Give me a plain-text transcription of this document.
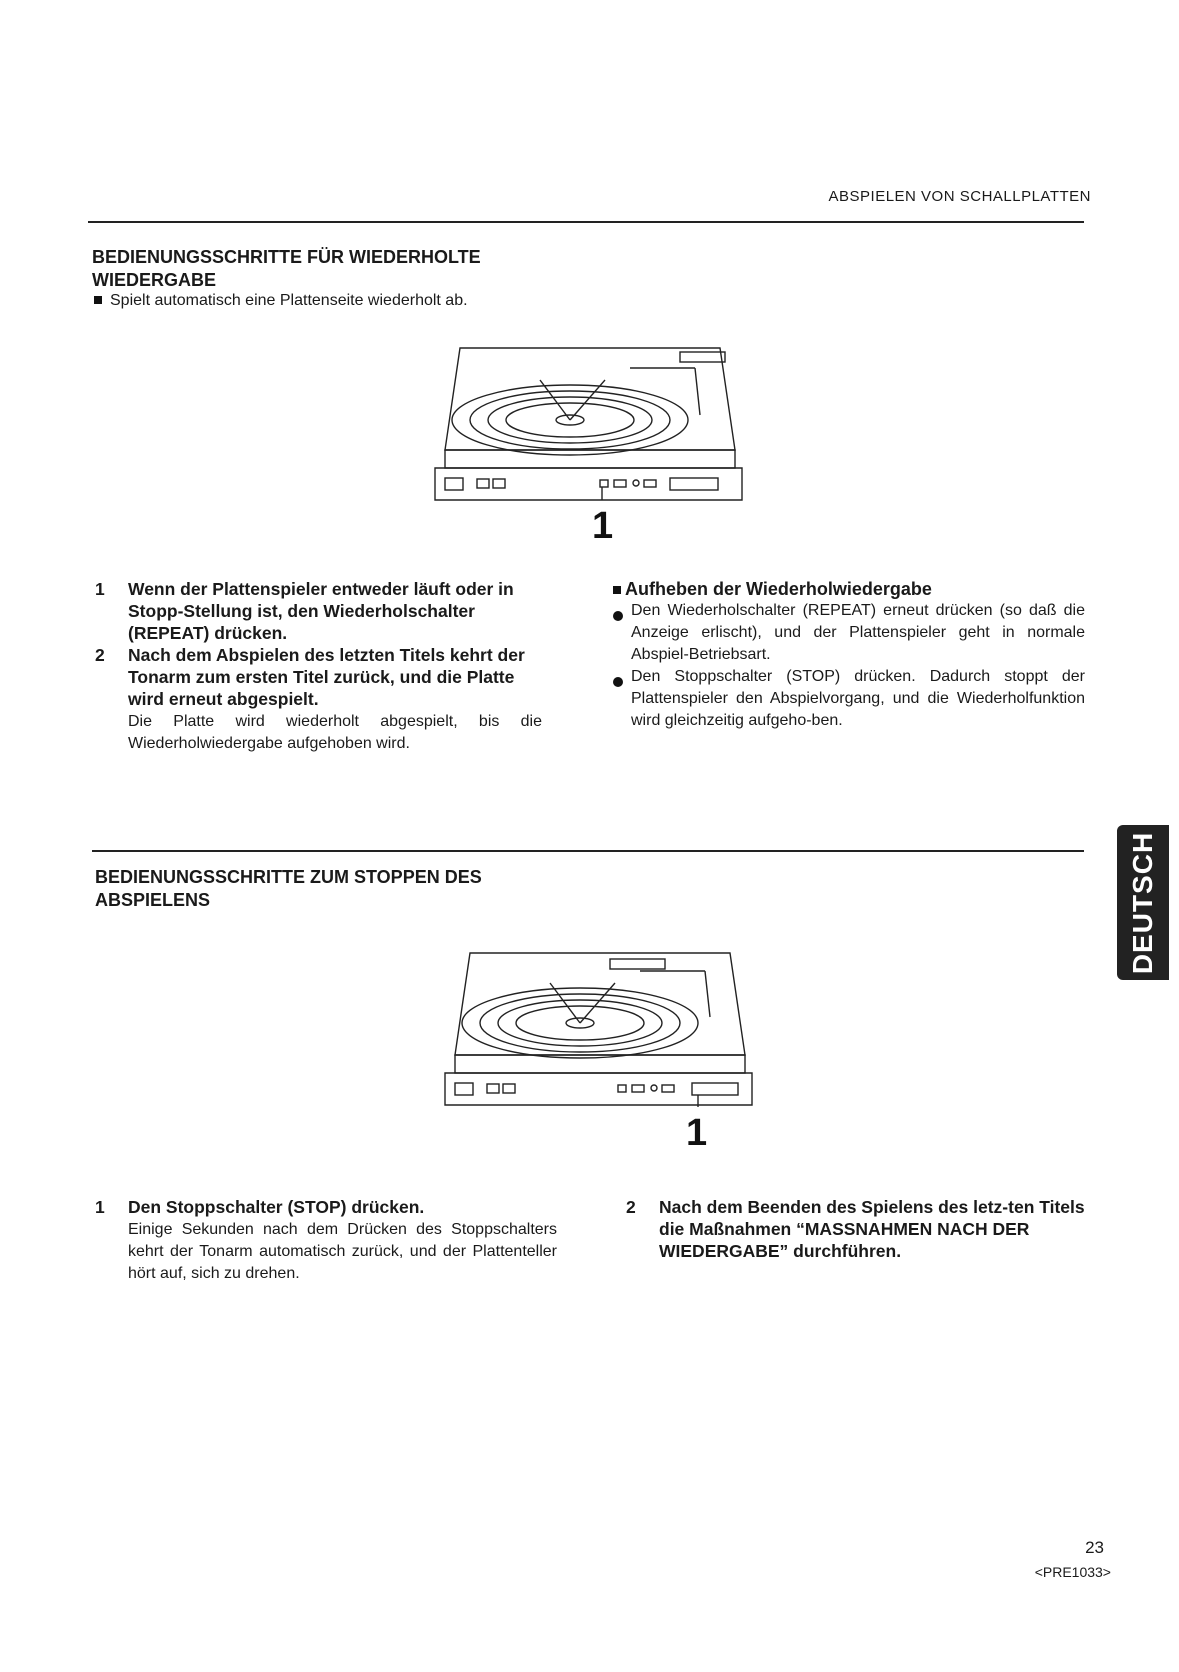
ABSPIELEN VON SCHALLPLATTEN
BEDIENUNGSSCHRITTE FÜR WIEDERHOLTE
WIEDERGABE
Spielt automatisch eine Plattenseite wiederholt ab.
1
1	Wenn der Plattenspieler entweder läuft oder in Stopp-Stellung ist, den Wiederholschalter (REPEAT) drücken.
2	Nach dem Abspielen des letzten Titels kehrt der Tonarm zum ersten Titel zurück, und die Platte wird erneut abgespielt.
Die Platte wird wiederholt abgespielt, bis die Wiederholwiedergabe aufgehoben wird.
Aufheben der Wiederholwiedergabe
Den Wiederholschalter (REPEAT) erneut drücken (so daß die Anzeige erlischt), und der Plattenspieler geht in normale Abspiel-Betriebsart.
Den Stoppschalter (STOP) drücken. Dadurch stoppt der Plattenspieler den Abspielvorgang, und die Wiederholfunktion wird gleichzeitig aufgeho-ben.
BEDIENUNGSSCHRITTE ZUM STOPPEN DES
ABSPIELENS
1
1	Den Stoppschalter (STOP) drücken.
Einige Sekunden nach dem Drücken des Stoppschalters kehrt der Tonarm automatisch zurück, und der Plattenteller hört auf, sich zu drehen.
2	Nach dem Beenden des Spielens des letz-ten Titels die Maßnahmen “MASSNAHMEN NACH DER WIEDERGABE” durchführen.
DEUTSCH
23
<PRE1033>
